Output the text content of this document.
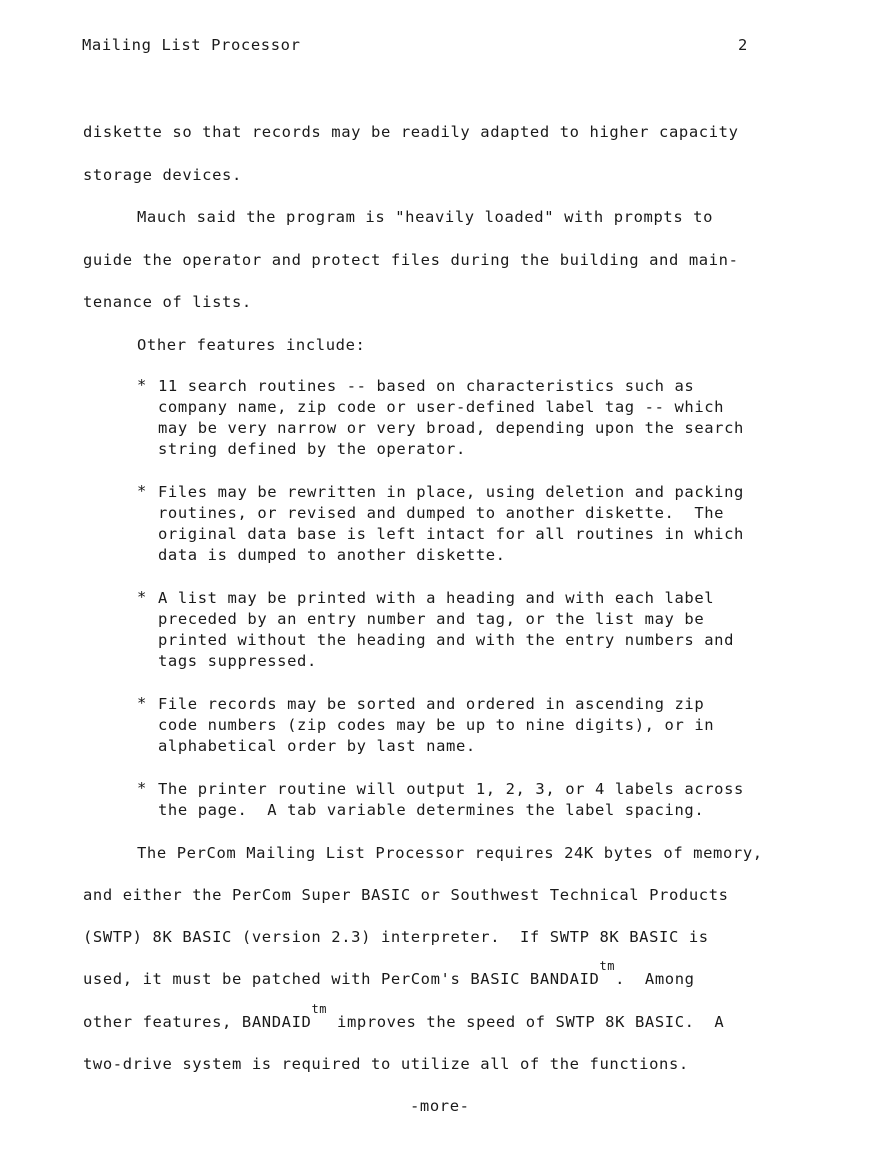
Mailing List Processor	2
diskette so that records may be readily adapted to higher capacity
storage devices.
Mauch said the program is "heavily loaded" with prompts to
guide the operator and protect files during the building and main-
tenance of lists.
Other features include:
* 11 search routines -- based on characteristics such as
company name, zip code or user-defined label tag -- which
may be very narrow or very broad, depending upon the search
string defined by the operator.
* Files may be rewritten in place, using deletion and packing
routines, or revised and dumped to another diskette.  The
original data base is left intact for all routines in which
data is dumped to another diskette.
* A list may be printed with a heading and with each label
preceded by an entry number and tag, or the list may be
printed without the heading and with the entry numbers and
tags suppressed.
* File records may be sorted and ordered in ascending zip
code numbers (zip codes may be up to nine digits), or in
alphabetical order by last name.
* The printer routine will output 1, 2, 3, or 4 labels across
the page.  A tab variable determines the label spacing.
The PerCom Mailing List Processor requires 24K bytes of memory,
and either the PerCom Super BASIC or Southwest Technical Products
(SWTP) 8K BASIC (version 2.3) interpreter.  If SWTP 8K BASIC is
used, it must be patched with PerCom's BASIC $BANDAID^{tm}$.  Among
other features, $BANDAID^{tm}$ improves the speed of SWTP 8K BASIC.  A
two-drive system is required to utilize all of the functions.
-more-
